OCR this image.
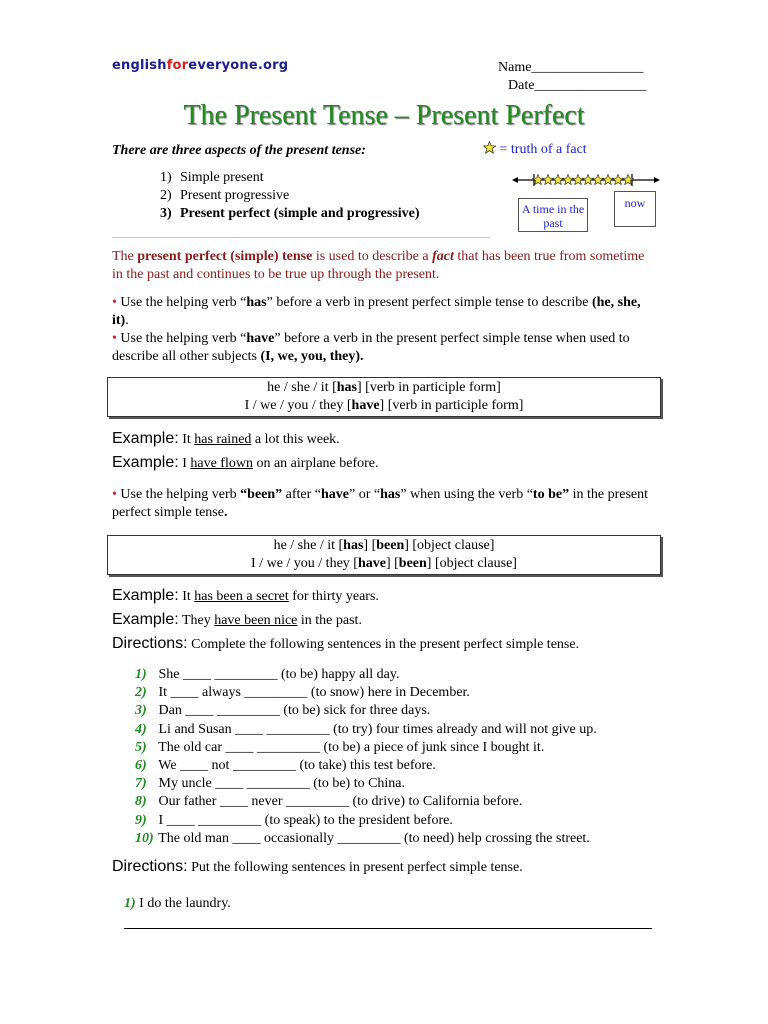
englishforeveryone.org	Name________________
Date________________
The Present Tense – Present Perfect
There are three aspects of the present tense:
1) Simple present
2) Present progressive
3) Present perfect (simple and progressive)
= truth of a fact
A time in the past
now
The present perfect (simple) tense is used to describe a fact that has been true from sometime in the past and continues to be true up through the present.
• Use the helping verb “has” before a verb in present perfect simple tense to describe (he, she, it).
• Use the helping verb “have” before a verb in the present perfect simple tense when used to describe all other subjects (I, we, you, they).
he / she / it [has] [verb in participle form]
I / we / you / they [have] [verb in participle form]
Example: It has rained a lot this week.
Example: I have flown on an airplane before.
• Use the helping verb “been” after “have” or “has” when using the verb “to be” in the present perfect simple tense.
he / she / it [has] [been] [object clause]
I / we / you / they [have] [been] [object clause]
Example: It has been a secret for thirty years.
Example: They have been nice in the past.
Directions: Complete the following sentences in the present perfect simple tense.
1) She ____ _________ (to be) happy all day.
2) It ____ always _________ (to snow) here in December.
3) Dan ____ _________ (to be) sick for three days.
4) Li and Susan ____ _________ (to try) four times already and will not give up.
5) The old car ____ _________ (to be) a piece of junk since I bought it.
6) We ____ not _________ (to take) this test before.
7) My uncle ____ _________ (to be) to China.
8) Our father ____ never _________ (to drive) to California before.
9) I ____ _________ (to speak) to the president before.
10) The old man ____ occasionally _________ (to need) help crossing the street.
Directions: Put the following sentences in present perfect simple tense.
1) I do the laundry.
